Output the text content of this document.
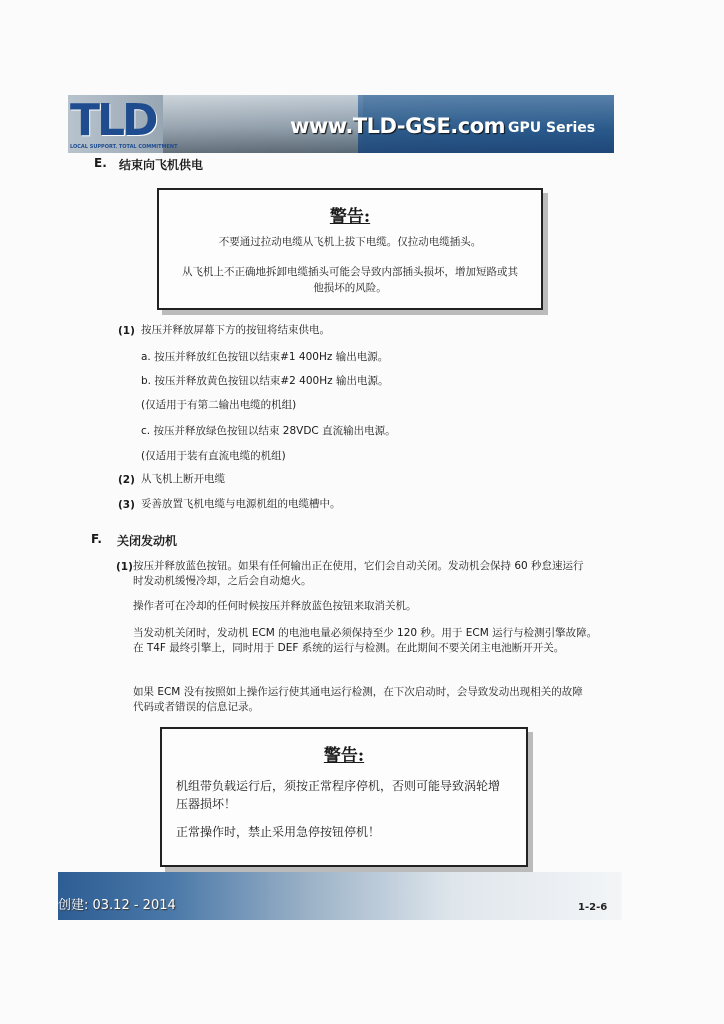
TLD
LOCAL SUPPORT. TOTAL COMMITMENT
www.TLD-GSE.com GPU Series
E. 结束向飞机供电
警告:
不要通过拉动电缆从飞机上拔下电缆。仅拉动电缆插头。
从飞机上不正确地拆卸电缆插头可能会导致内部插头损坏，增加短路或其
他损坏的风险。
(1) 按压并释放屏幕下方的按钮将结束供电。
a. 按压并释放红色按钮以结束#1 400Hz 输出电源。
b. 按压并释放黄色按钮以结束#2 400Hz 输出电源。
(仅适用于有第二输出电缆的机组)
c. 按压并释放绿色按钮以结束 28VDC 直流输出电源。
(仅适用于装有直流电缆的机组)
(2) 从飞机上断开电缆
(3) 妥善放置飞机电缆与电源机组的电缆槽中。
F. 关闭发动机
(1) 按压并释放蓝色按钮。如果有任何输出正在使用，它们会自动关闭。发动机会保持 60 秒怠速运行
时发动机缓慢冷却，之后会自动熄火。
操作者可在冷却的任何时候按压并释放蓝色按钮来取消关机。
当发动机关闭时，发动机 ECM 的电池电量必须保持至少 120 秒。用于 ECM 运行与检测引擎故障。
在 T4F 最终引擎上，同时用于 DEF 系统的运行与检测。在此期间不要关闭主电池断开开关。
如果 ECM 没有按照如上操作运行使其通电运行检测，在下次启动时，会导致发动出现相关的故障
代码或者错误的信息记录。
警告:
机组带负载运行后，须按正常程序停机，否则可能导致涡轮增
压器损坏！
正常操作时，禁止采用急停按钮停机！
创建: 03.12 - 2014	1-2-6
